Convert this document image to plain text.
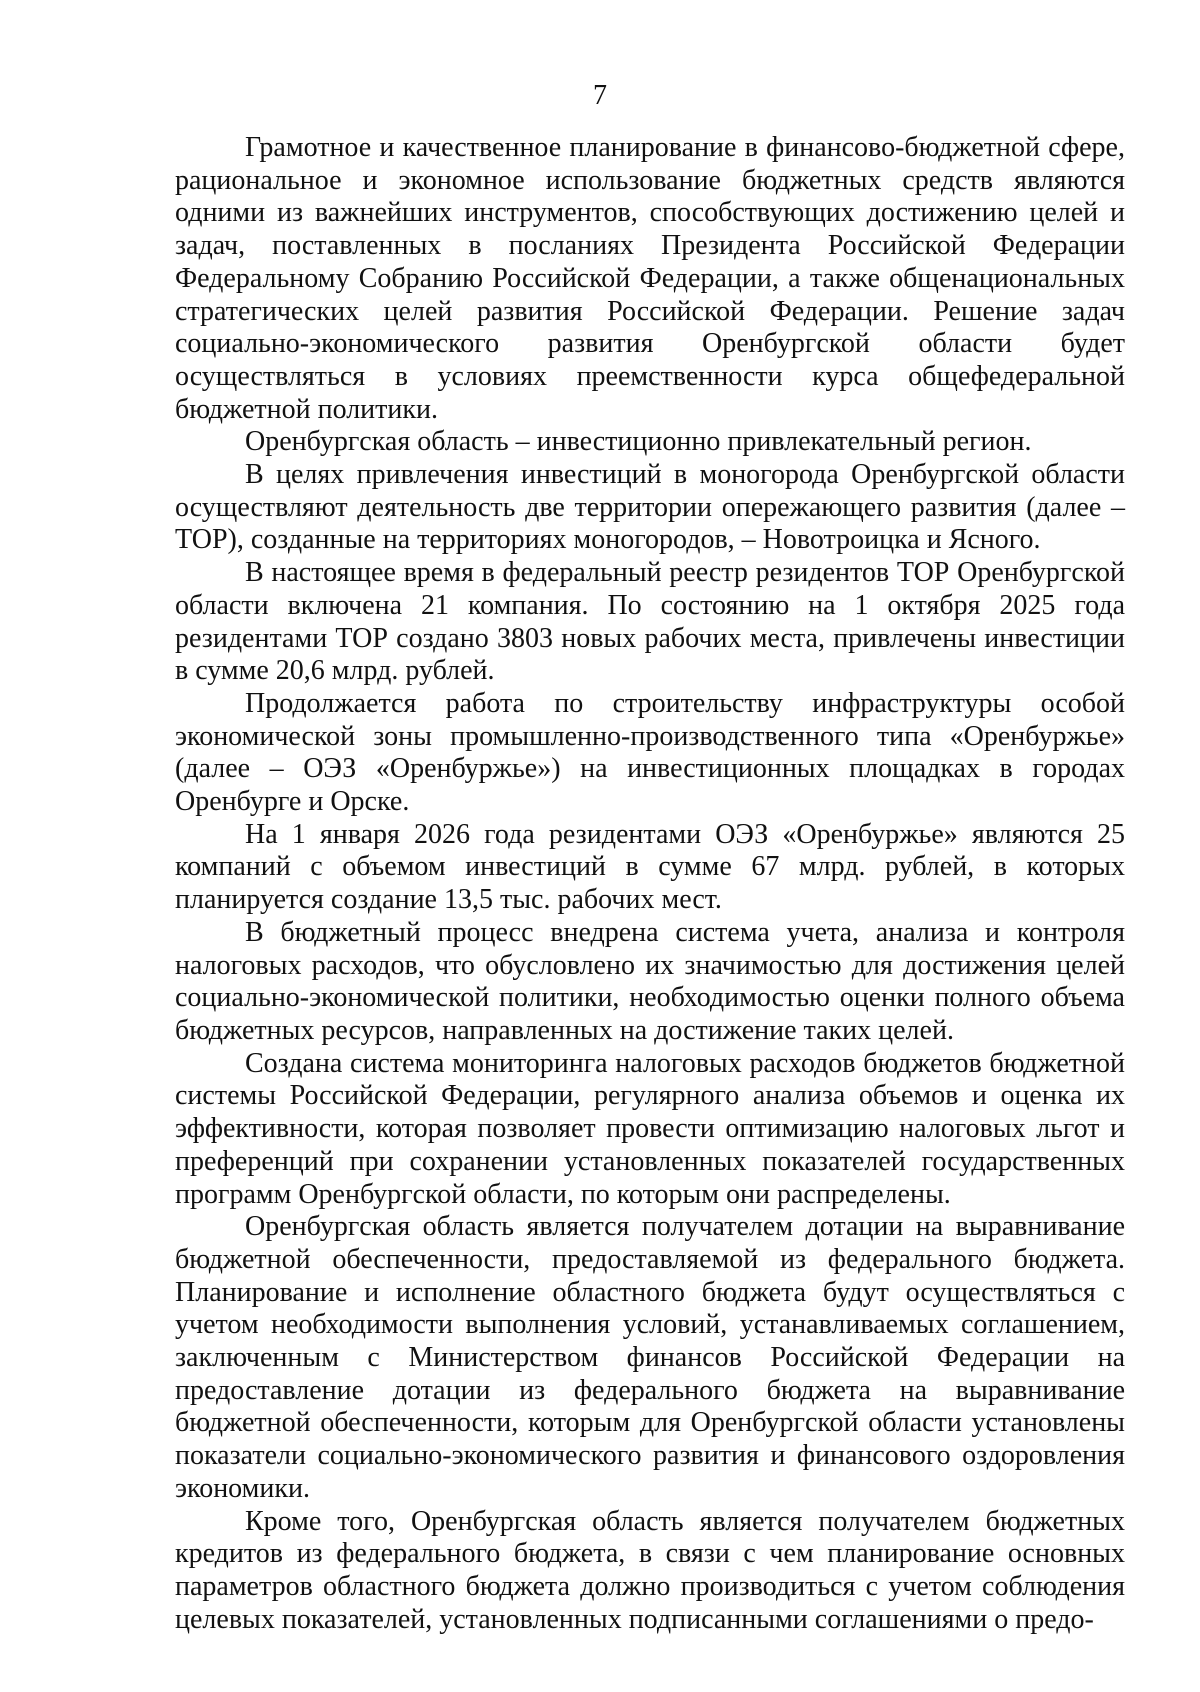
7

Грамотное и качественное планирование в финансово-бюджетной сфере, рациональное и экономное использование бюджетных средств являются одними из важнейших инструментов, способствующих достижению целей и задач, поставленных в посланиях Президента Российской Федерации Федеральному Собранию Российской Федерации, а также общенациональных стратегических целей развития Российской Федерации. Решение задач социально-экономического развития Оренбургской области будет осуществляться в условиях преемственности курса общефедеральной бюджетной политики.

Оренбургская область – инвестиционно привлекательный регион.

В целях привлечения инвестиций в моногорода Оренбургской области осуществляют деятельность две территории опережающего развития (далее – ТОР), созданные на территориях моногородов, – Новотроицка и Ясного.

В настоящее время в федеральный реестр резидентов ТОР Оренбургской области включена 21 компания. По состоянию на 1 октября 2025 года резидентами ТОР создано 3803 новых рабочих места, привлечены инвестиции в сумме 20,6 млрд. рублей.

Продолжается работа по строительству инфраструктуры особой экономической зоны промышленно-производственного типа «Оренбуржье» (далее – ОЭЗ «Оренбуржье») на инвестиционных площадках в городах Оренбурге и Орске.

На 1 января 2026 года резидентами ОЭЗ «Оренбуржье» являются 25 компаний с объемом инвестиций в сумме 67 млрд. рублей, в которых планируется создание 13,5 тыс. рабочих мест.

В бюджетный процесс внедрена система учета, анализа и контроля налоговых расходов, что обусловлено их значимостью для достижения целей социально-экономической политики, необходимостью оценки полного объема бюджетных ресурсов, направленных на достижение таких целей.

Создана система мониторинга налоговых расходов бюджетов бюджетной системы Российской Федерации, регулярного анализа объемов и оценка их эффективности, которая позволяет провести оптимизацию налоговых льгот и преференций при сохранении установленных показателей государственных программ Оренбургской области, по которым они распределены.

Оренбургская область является получателем дотации на выравнивание бюджетной обеспеченности, предоставляемой из федерального бюджета. Планирование и исполнение областного бюджета будут осуществляться с учетом необходимости выполнения условий, устанавливаемых соглашением, заключенным с Министерством финансов Российской Федерации на предоставление дотации из федерального бюджета на выравнивание бюджетной обеспеченности, которым для Оренбургской области установлены показатели социально-экономического развития и финансового оздоровления экономики.

Кроме того, Оренбургская область является получателем бюджетных кредитов из федерального бюджета, в связи с чем планирование основных параметров областного бюджета должно производиться с учетом соблюдения целевых показателей, установленных подписанными соглашениями о предо-
